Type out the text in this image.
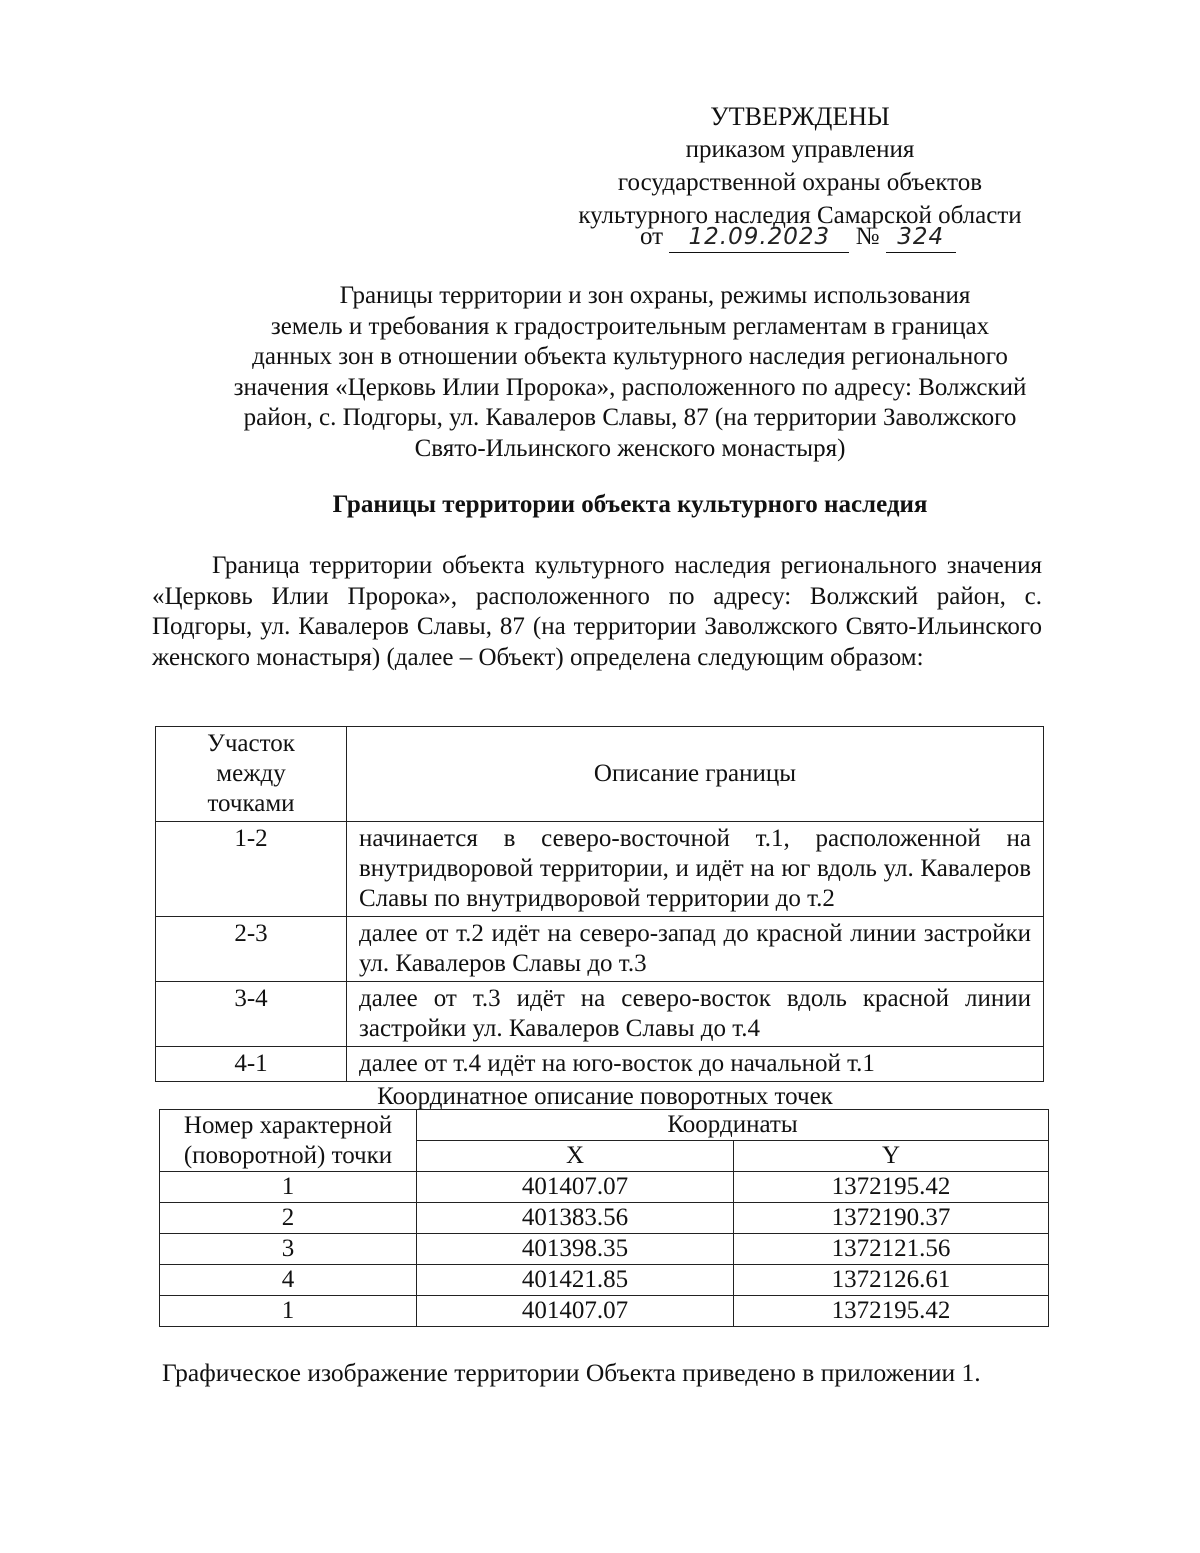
УТВЕРЖДЕНЫ
приказом управления
государственной охраны объектов
культурного наследия Самарской области
от 12.09.2023 № 324
Границы территории и зон охраны, режимы использования
земель и требования к градостроительным регламентам в границах
данных зон в отношении объекта культурного наследия регионального
значения «Церковь Илии Пророка», расположенного по адресу: Волжский
район, с. Подгоры, ул. Кавалеров Славы, 87 (на территории Заволжского
Свято-Ильинского женского монастыря)
Границы территории объекта культурного наследия
Граница территории объекта культурного наследия регионального значения «Церковь Илии Пророка», расположенного по адресу: Волжский район, с. Подгоры, ул. Кавалеров Славы, 87 (на территории Заволжского Свято-Ильинского женского монастыря) (далее – Объект) определена следующим образом:
Участок между точками	Описание границы
1-2	начинается в северо-восточной т.1, расположенной на внутридворовой территории, и идёт на юг вдоль ул. Кавалеров Славы по внутридворовой территории до т.2
2-3	далее от т.2 идёт на северо-запад до красной линии застройки ул. Кавалеров Славы до т.3
3-4	далее от т.3 идёт на северо-восток вдоль красной линии застройки ул. Кавалеров Славы до т.4
4-1	далее от т.4 идёт на юго-восток до начальной т.1
Координатное описание поворотных точек
Номер характерной
(поворотной) точки	Координаты	
	X	Y
1	401407.07	1372195.42
2	401383.56	1372190.37
3	401398.35	1372121.56
4	401421.85	1372126.61
1	401407.07	1372195.42
Графическое изображение территории Объекта приведено в приложении 1.
